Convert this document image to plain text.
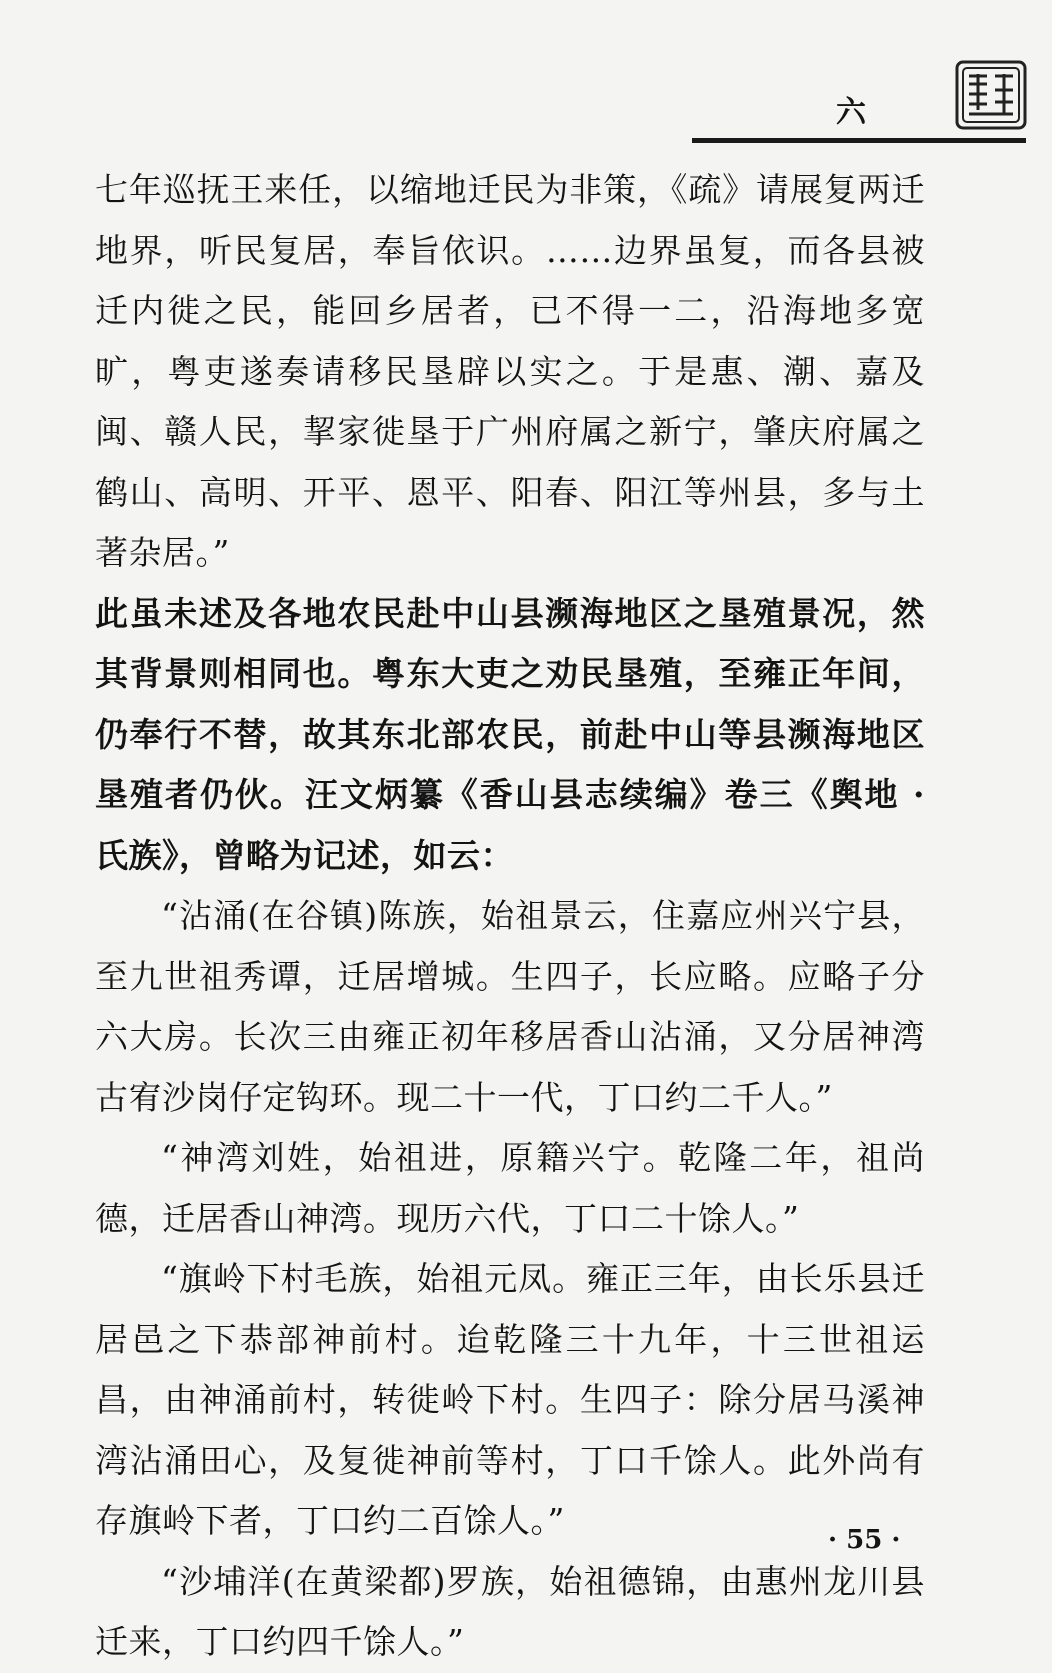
六

七年巡抚王来任，以缩地迁民为非策，《疏》请展复两迁地界，听民复居，奉旨依识。……边界虽复，而各县被迁内徙之民，能回乡居者，已不得一二，沿海地多宽旷，粤吏遂奏请移民垦辟以实之。于是惠、潮、嘉及闽、赣人民，挈家徙垦于广州府属之新宁，肇庆府属之鹤山、高明、开平、恩平、阳春、阳江等州县，多与土著杂居。”

此虽未述及各地农民赴中山县濒海地区之垦殖景况，然其背景则相同也。粤东大吏之劝民垦殖，至雍正年间，仍奉行不替，故其东北部农民，前赴中山等县濒海地区垦殖者仍伙。汪文炳纂《香山县志续编》卷三《舆地 · 氏族》，曾略为记述，如云：

“沾涌(在谷镇)陈族，始祖景云，住嘉应州兴宁县，至九世祖秀谭，迁居增城。生四子，长应略。应略子分六大房。长次三由雍正初年移居香山沾涌，又分居神湾古宥沙岗仔定钩环。现二十一代，丁口约二千人。”

“神湾刘姓，始祖进，原籍兴宁。乾隆二年，祖尚德，迁居香山神湾。现历六代，丁口二十馀人。”

“旗岭下村毛族，始祖元凤。雍正三年，由长乐县迁居邑之下恭部神前村。迨乾隆三十九年，十三世祖运昌，由神涌前村，转徙岭下村。生四子：除分居马溪神湾沾涌田心，及复徙神前等村，丁口千馀人。此外尚有存旗岭下者，丁口约二百馀人。”

“沙埔洋(在黄梁都)罗族，始祖德锦，由惠州龙川县迁来，丁口约四千馀人。”

· 55 ·
